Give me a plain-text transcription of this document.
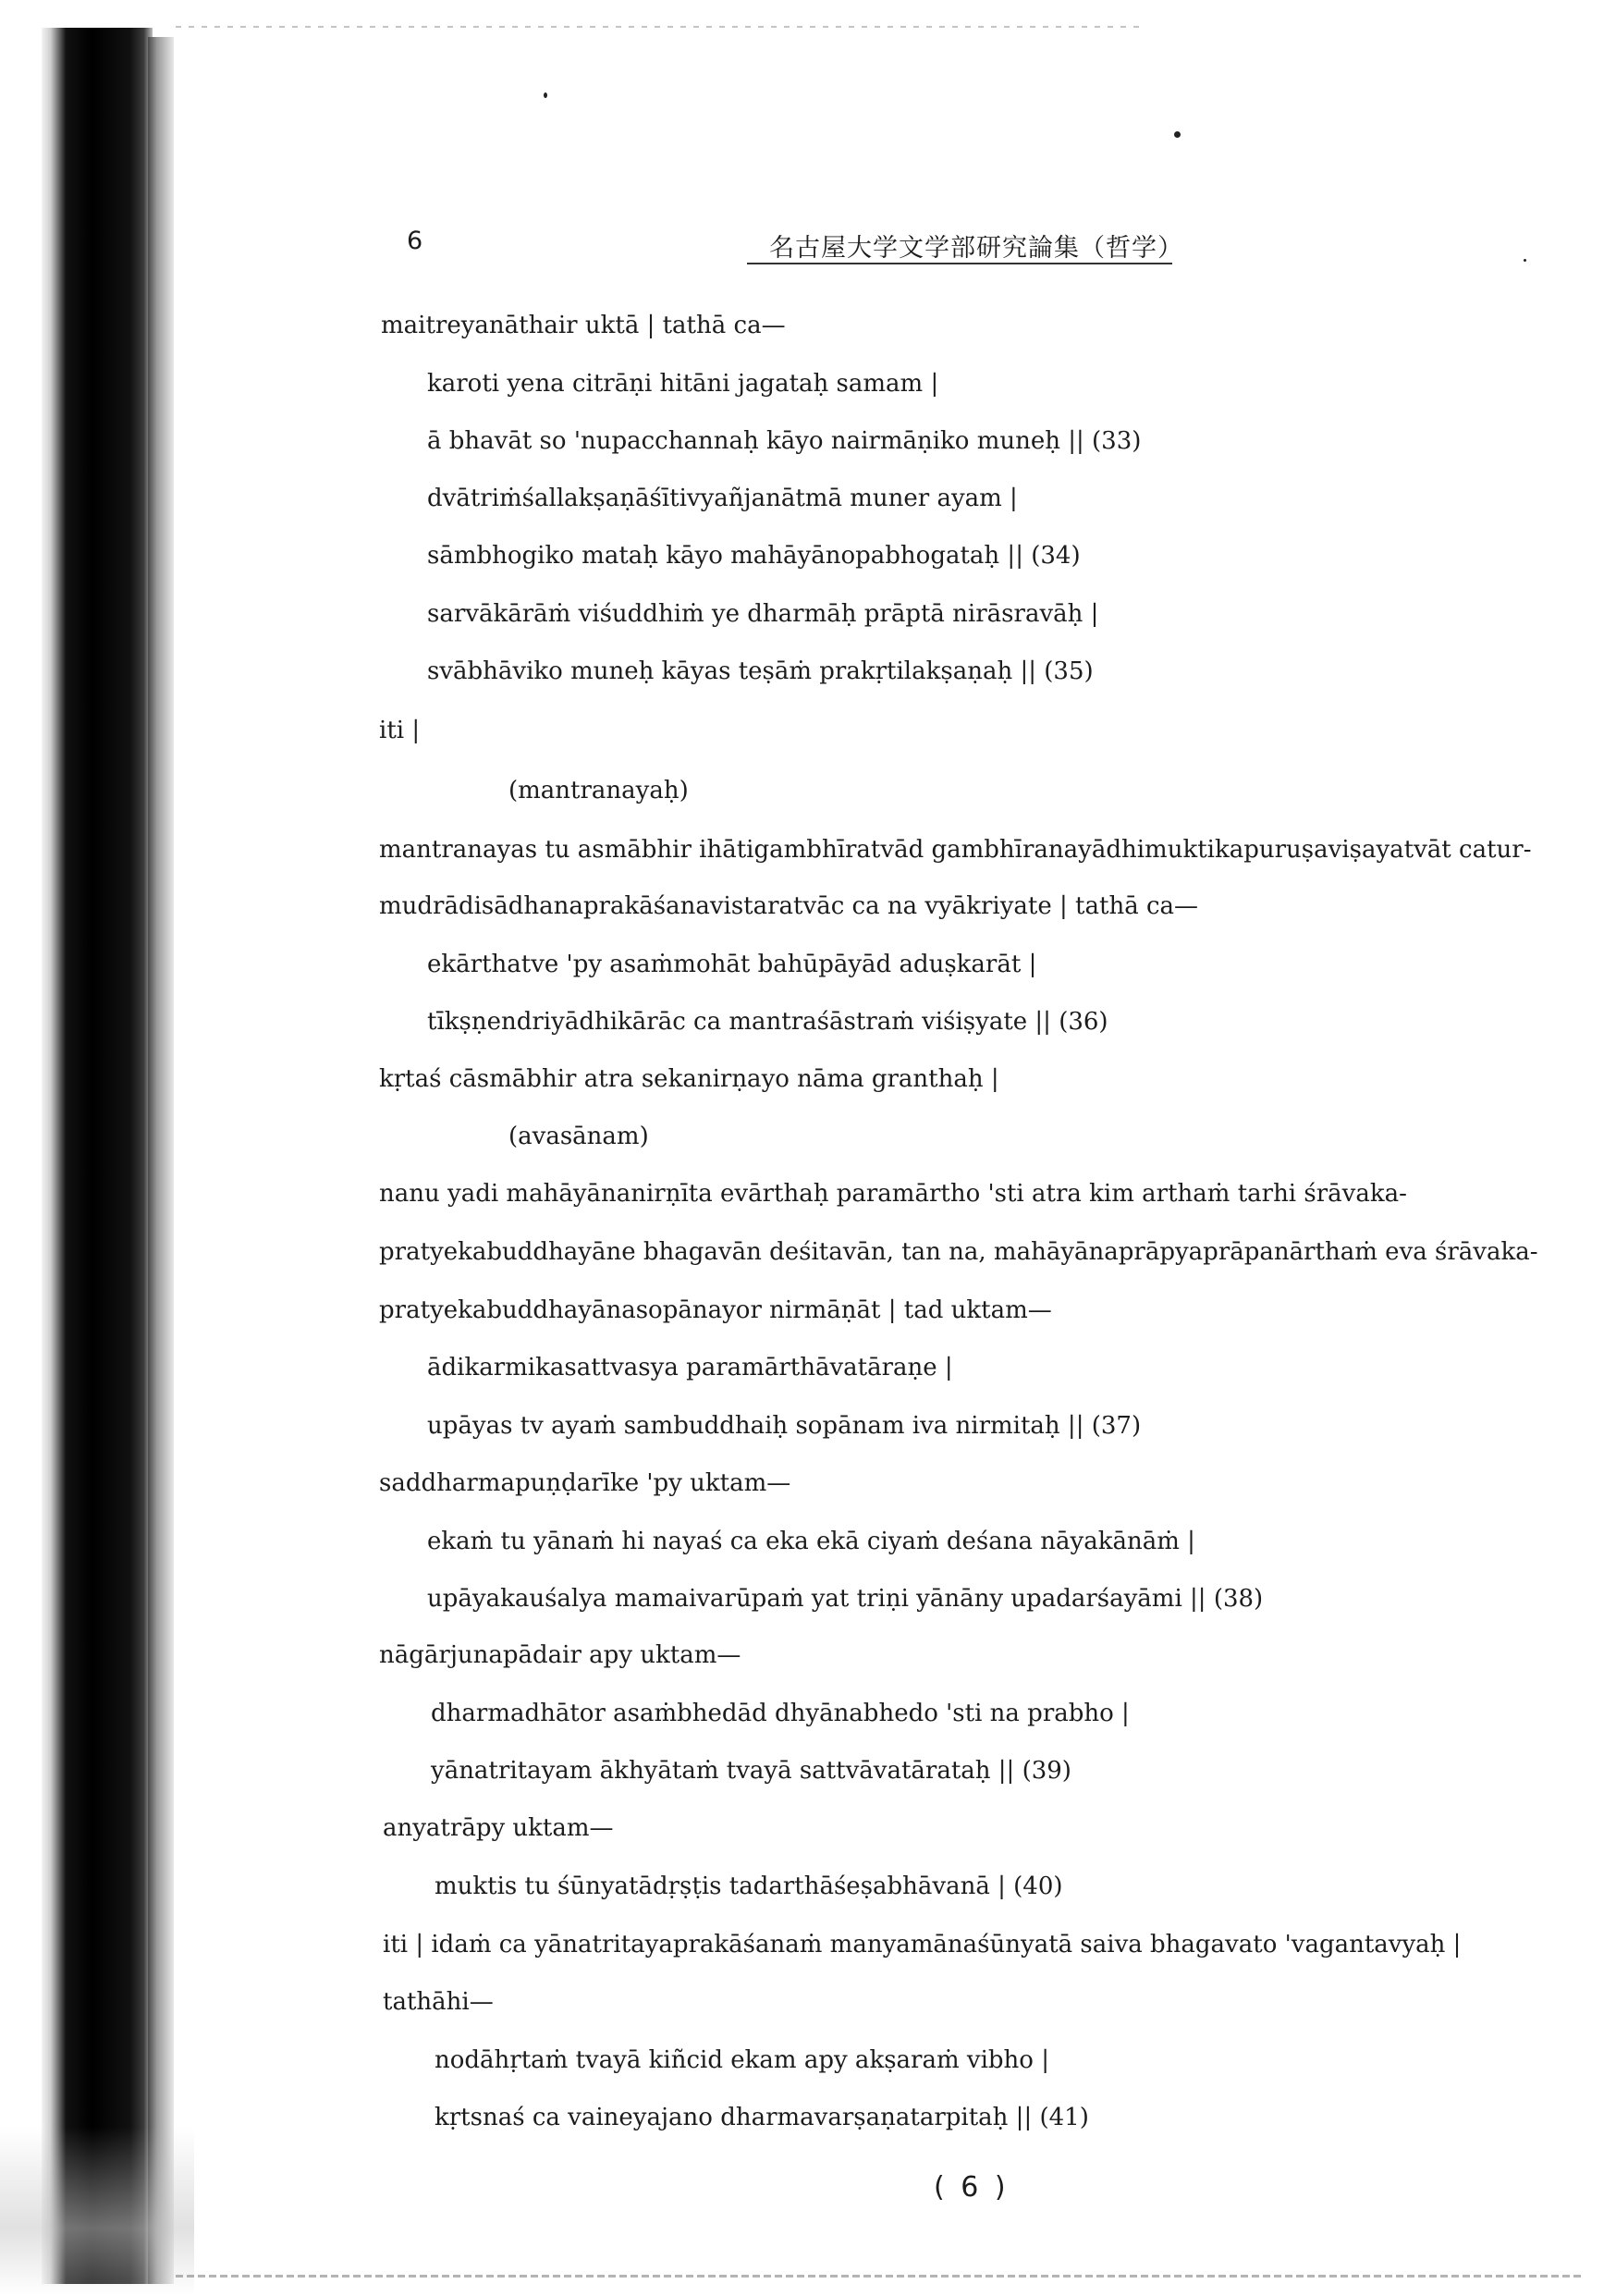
6	名古屋大学文学部研究論集（哲学）
maitreyanāthair uktā | tathā ca—
karoti yena citrāṇi hitāni jagataḥ samam |
ā bhavāt so 'nupacchannaḥ kāyo nairmāṇiko muneḥ || (33)
dvātriṁśallakṣaṇāśītivyañjanātmā muner ayam |
sāmbhogiko mataḥ kāyo mahāyānopabhogataḥ || (34)
sarvākārāṁ viśuddhiṁ ye dharmāḥ prāptā nirāsravāḥ |
svābhāviko muneḥ kāyas teṣāṁ prakṛtilakṣaṇaḥ || (35)
iti |
(mantranayaḥ)
mantranayas tu asmābhir ihātigambhīratvād gambhīranayādhimuktikapuruṣaviṣayatvāt catur-
mudrādisādhanaprakāśanavistaratvāc ca na vyākriyate | tathā ca—
ekārthatve 'py asaṁmohāt bahūpāyād aduṣkarāt |
tīkṣṇendriyādhikārāc ca mantraśāstraṁ viśiṣyate || (36)
kṛtaś cāsmābhir atra sekanirṇayo nāma granthaḥ |
(avasānam)
nanu yadi mahāyānanirṇīta evārthaḥ paramārtho 'sti atra kim arthaṁ tarhi śrāvaka-
pratyekabuddhayāne bhagavān deśitavān, tan na, mahāyānaprāpyaprāpanārthaṁ eva śrāvaka-
pratyekabuddhayānasopānayor nirmāṇāt | tad uktam—
ādikarmikasattvasya paramārthāvatāraṇe |
upāyas tv ayaṁ sambuddhaiḥ sopānam iva nirmitaḥ || (37)
saddharmapuṇḍarīke 'py uktam—
ekaṁ tu yānaṁ hi nayaś ca eka ekā ciyaṁ deśana nāyakānāṁ |
upāyakauśalya mamaivarūpaṁ yat triṇi yānāny upadarśayāmi || (38)
nāgārjunapādair apy uktam—
dharmadhātor asaṁbhedād dhyānabhedo 'sti na prabho |
yānatritayam ākhyātaṁ tvayā sattvāvatārataḥ || (39)
anyatrāpy uktam—
muktis tu śūnyatādṛṣṭis tadarthāśeṣabhāvanā | (40)
iti | idaṁ ca yānatritayaprakāśanaṁ manyamānaśūnyatā saiva bhagavato 'vagantavyaḥ |
tathāhi—
nodāhṛtaṁ tvayā kiñcid ekam apy akṣaraṁ vibho |
kṛtsnaś ca vaineyajano dharmavarṣaṇatarpitaḥ || (41)
( 6 )
